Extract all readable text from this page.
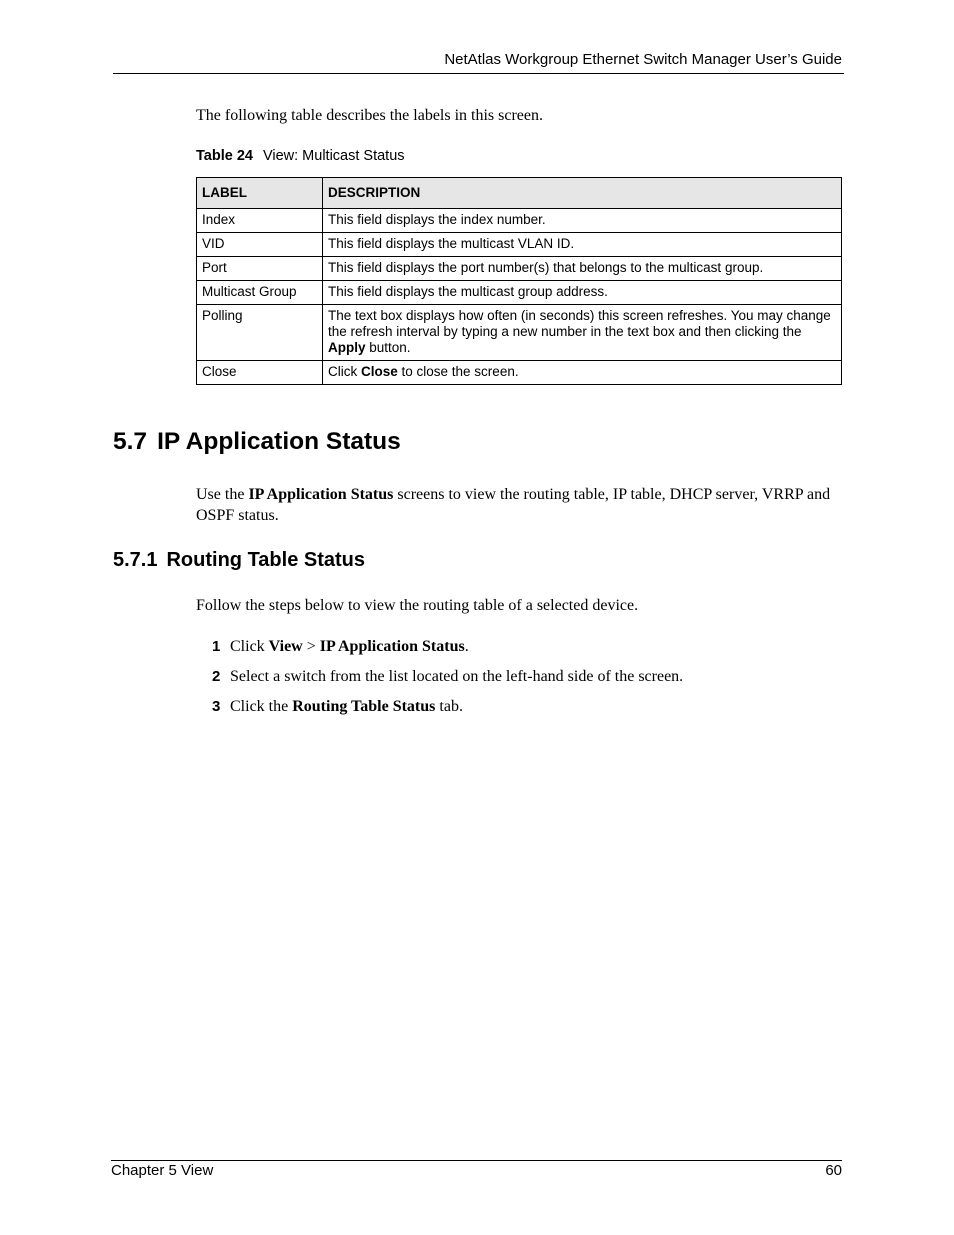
NetAtlas Workgroup Ethernet Switch Manager User’s Guide
The following table describes the labels in this screen.
Table 24 View: Multicast Status
LABEL	DESCRIPTION
Index	This field displays the index number.
VID	This field displays the multicast VLAN ID.
Port	This field displays the port number(s) that belongs to the multicast group.
Multicast Group	This field displays the multicast group address.
Polling	The text box displays how often (in seconds) this screen refreshes. You may change the refresh interval by typing a new number in the text box and then clicking the Apply button.
Close	Click Close to close the screen.
5.7 IP Application Status
Use the IP Application Status screens to view the routing table, IP table, DHCP server, VRRP and OSPF status.
5.7.1 Routing Table Status
Follow the steps below to view the routing table of a selected device.
1 Click View > IP Application Status.
2 Select a switch from the list located on the left-hand side of the screen.
3 Click the Routing Table Status tab.
Chapter 5 View	60
